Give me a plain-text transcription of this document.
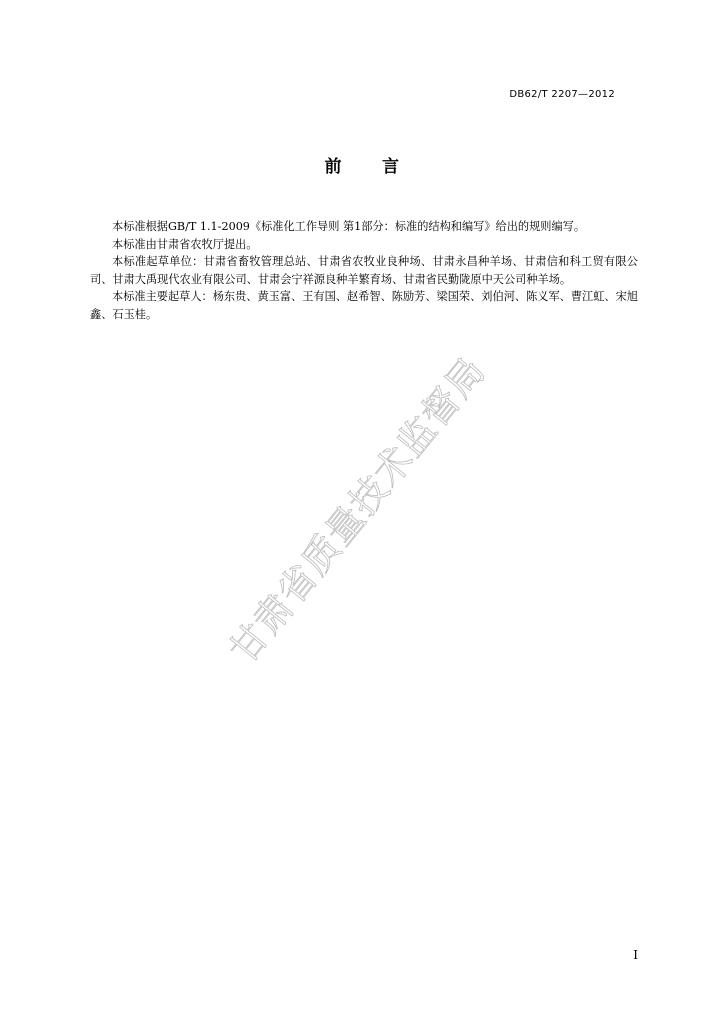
DB62/T 2207—2012
前 言

本标准根据GB/T 1.1-2009《标准化工作导则 第1部分：标准的结构和编写》给出的规则编写。

本标准由甘肃省农牧厅提出。

本标准起草单位：甘肃省畜牧管理总站、甘肃省农牧业良种场、甘肃永昌种羊场、甘肃信和科工贸有限公司、甘肃大禹现代农业有限公司、甘肃会宁祥源良种羊繁育场、甘肃省民勤陇原中天公司种羊场。

本标准主要起草人：杨东贵、黄玉富、王有国、赵希智、陈励芳、梁国荣、刘伯河、陈义军、曹江虹、宋旭鑫、石玉桂。

甘肃省质量技术监督局
I
